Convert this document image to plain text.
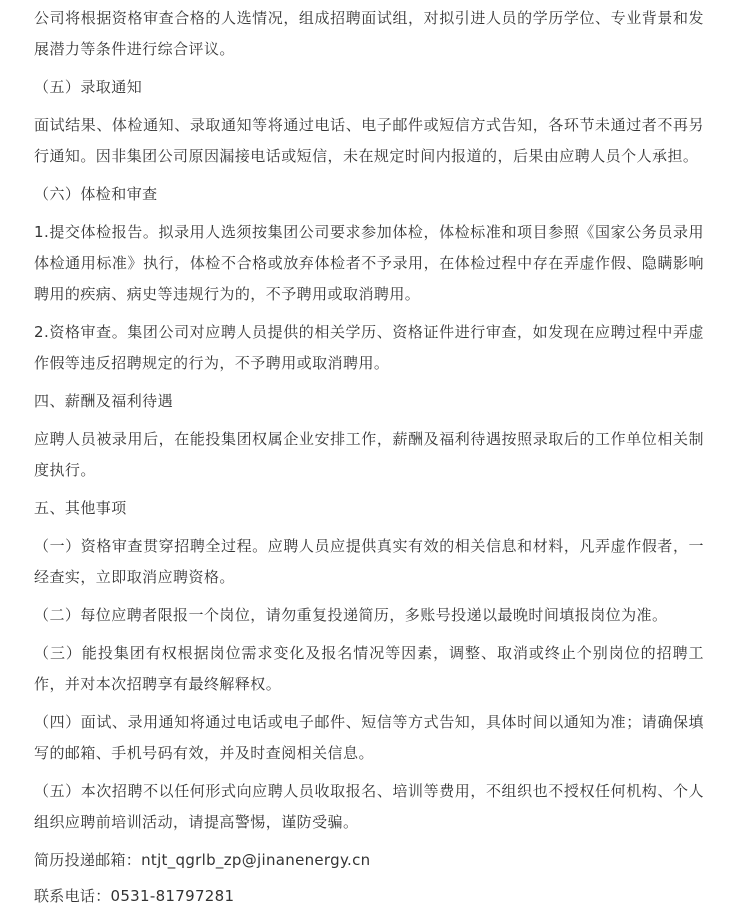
公司将根据资格审查合格的人选情况，组成招聘面试组，对拟引进人员的学历学位、专业背景和发展潜力等条件进行综合评议。

（五）录取通知

面试结果、体检通知、录取通知等将通过电话、电子邮件或短信方式告知，各环节未通过者不再另行通知。因非集团公司原因漏接电话或短信，未在规定时间内报道的，后果由应聘人员个人承担。

（六）体检和审查

1.提交体检报告。拟录用人选须按集团公司要求参加体检，体检标准和项目参照《国家公务员录用体检通用标准》执行，体检不合格或放弃体检者不予录用，在体检过程中存在弄虚作假、隐瞒影响聘用的疾病、病史等违规行为的，不予聘用或取消聘用。

2.资格审查。集团公司对应聘人员提供的相关学历、资格证件进行审查，如发现在应聘过程中弄虚作假等违反招聘规定的行为，不予聘用或取消聘用。

四、薪酬及福利待遇

应聘人员被录用后，在能投集团权属企业安排工作，薪酬及福利待遇按照录取后的工作单位相关制度执行。

五、其他事项

（一）资格审查贯穿招聘全过程。应聘人员应提供真实有效的相关信息和材料，凡弄虚作假者，一经查实，立即取消应聘资格。

（二）每位应聘者限报一个岗位，请勿重复投递简历，多账号投递以最晚时间填报岗位为准。

（三）能投集团有权根据岗位需求变化及报名情况等因素，调整、取消或终止个别岗位的招聘工作，并对本次招聘享有最终解释权。

（四）面试、录用通知将通过电话或电子邮件、短信等方式告知，具体时间以通知为准；请确保填写的邮箱、手机号码有效，并及时查阅相关信息。

（五）本次招聘不以任何形式向应聘人员收取报名、培训等费用，不组织也不授权任何机构、个人组织应聘前培训活动，请提高警惕，谨防受骗。

简历投递邮箱：ntjt_qgrlb_zp@jinanenergy.cn

联系电话：0531-81797281
